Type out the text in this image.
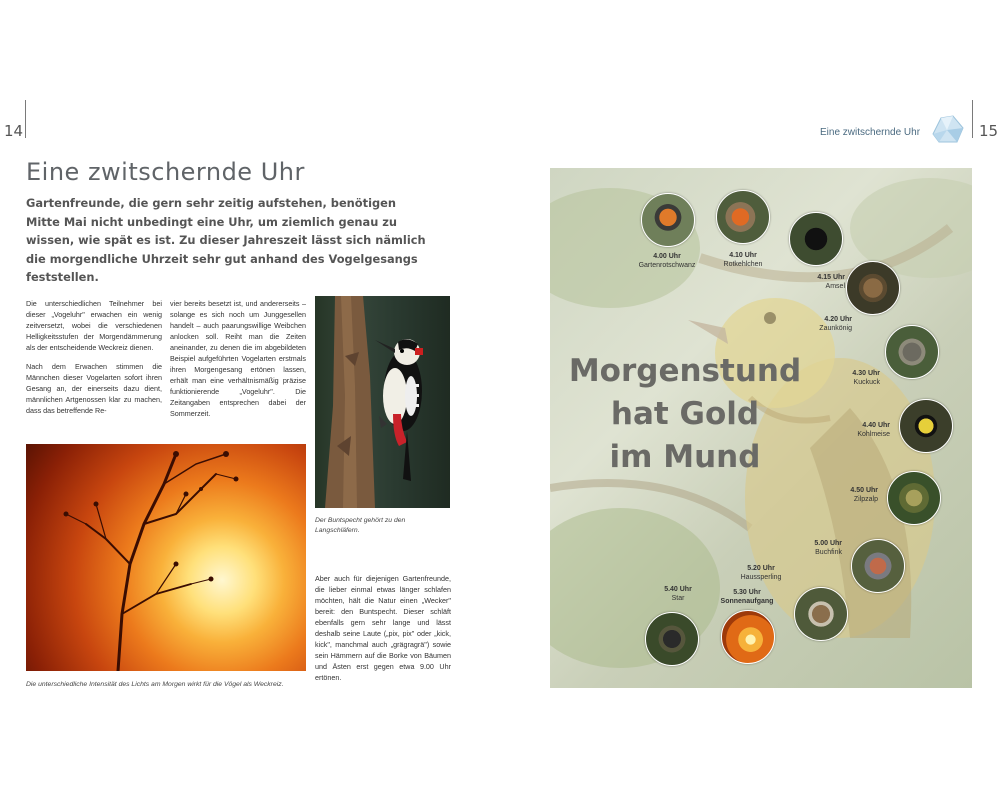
14
Eine zwitschernde Uhr
Gartenfreunde, die gern sehr zeitig aufstehen, benötigen Mitte Mai nicht unbedingt eine Uhr, um ziemlich genau zu wissen, wie spät es ist. Zu dieser Jahreszeit lässt sich nämlich die morgendliche Uhrzeit sehr gut anhand des Vogelgesangs feststellen.

Die unterschiedlichen Teilnehmer bei dieser „Vogeluhr" erwachen ein wenig zeitversetzt, wobei die verschiedenen Helligkeitsstufen der Morgendämmerung als der entscheidende Weckreiz dienen.

Nach dem Erwachen stimmen die Männchen dieser Vogelarten sofort ihren Gesang an, der einerseits dazu dient, männlichen Artgenossen klar zu machen, dass das betreffende Re-

vier bereits besetzt ist, und andererseits – solange es sich noch um Junggesellen handelt – auch paarungswillige Weibchen anlocken soll. Reiht man die Zeiten aneinander, zu denen die im abgebildeten Beispiel aufgeführten Vogelarten erstmals ihren Morgengesang ertönen lassen, erhält man eine verhältnismäßig präzise funktionierende „Vogeluhr". Die Zeitangaben entsprechen dabei der Sommerzeit.

Der Buntspecht gehört zu den Langschläfern.
Die unterschiedliche Intensität des Lichts am Morgen wirkt für die Vögel als Weckreiz.

Aber auch für diejenigen Gartenfreunde, die lieber einmal etwas länger schlafen möchten, hält die Natur einen „Wecker" bereit: den Buntspecht. Dieser schläft ebenfalls gern sehr lange und lässt deshalb seine Laute („pix, pix" oder „kick, kick", manchmal auch „grägragrä") sowie sein Hämmern auf die Borke von Bäumen und Ästen erst gegen etwa 9.00 Uhr ertönen.

Eine zwitschernde Uhr	15
Morgenstund
hat Gold
im Mund
4.00 Uhr
Gartenrotschwanz
4.10 Uhr
Rotkehlchen
4.15 Uhr
Amsel
4.20 Uhr
Zaunkönig
4.30 Uhr
Kuckuck
4.40 Uhr
Kohlmeise
4.50 Uhr
Zilpzalp
5.00 Uhr
Buchfink
5.20 Uhr
Haussperling
5.30 Uhr
Sonnenaufgang
5.40 Uhr
Star
